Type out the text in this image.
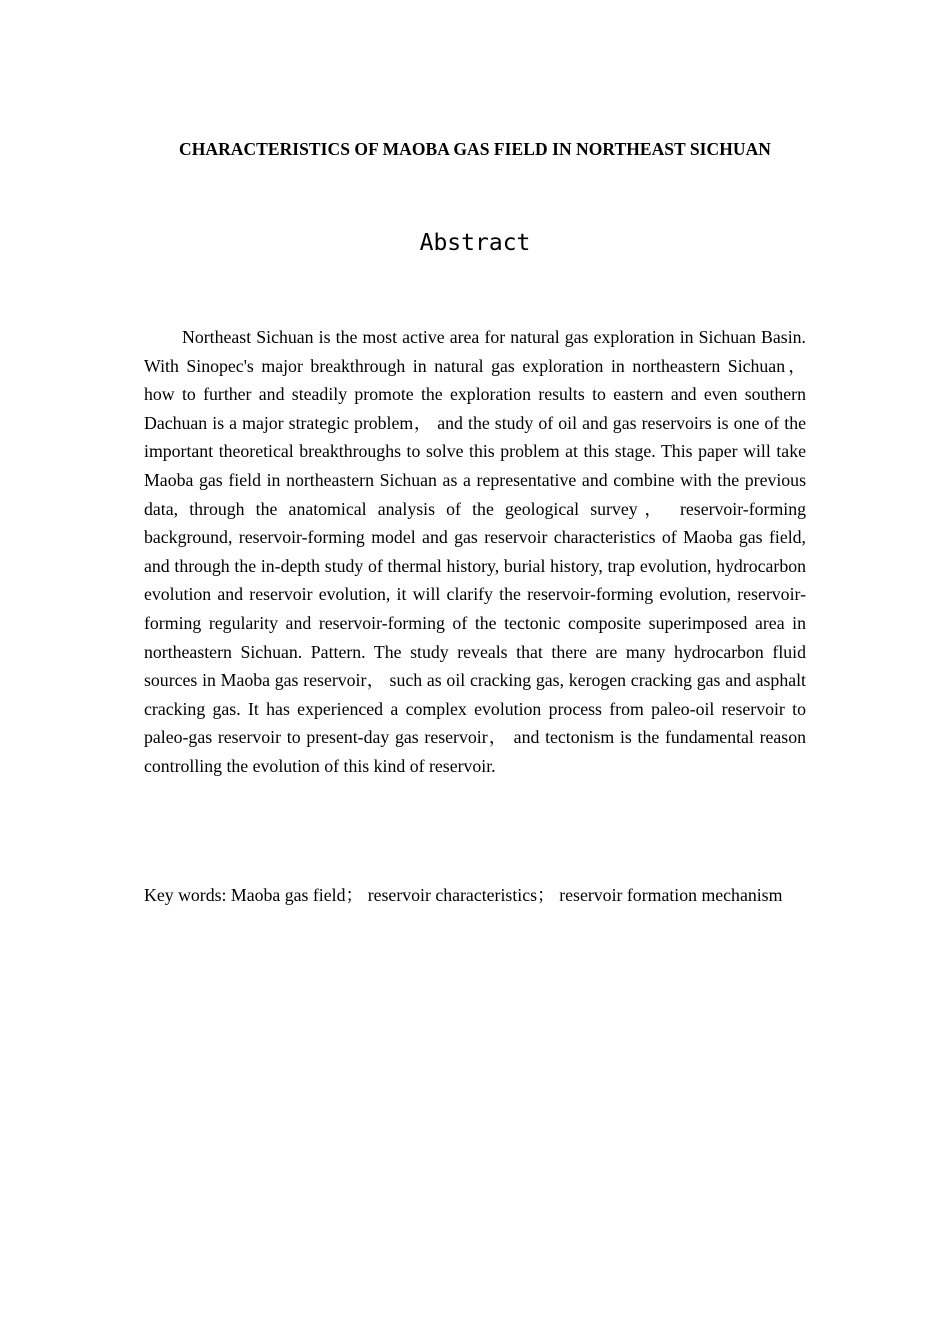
CHARACTERISTICS OF MAOBA GAS FIELD IN NORTHEAST SICHUAN
Abstract

Northeast Sichuan is the most active area for natural gas exploration in Sichuan Basin. With Sinopec's major breakthrough in natural gas exploration in northeastern Sichuan， how to further and steadily promote the exploration results to eastern and even southern Dachuan is a major strategic problem， and the study of oil and gas reservoirs is one of the important theoretical breakthroughs to solve this problem at this stage. This paper will take Maoba gas field in northeastern Sichuan as a representative and combine with the previous data, through the anatomical analysis of the geological survey， reservoir-forming background, reservoir-forming model and gas reservoir characteristics of Maoba gas field, and through the in-depth study of thermal history, burial history, trap evolution, hydrocarbon evolution and reservoir evolution, it will clarify the reservoir-forming evolution, reservoir-forming regularity and reservoir-forming of the tectonic composite superimposed area in northeastern Sichuan. Pattern. The study reveals that there are many hydrocarbon fluid sources in Maoba gas reservoir， such as oil cracking gas, kerogen cracking gas and asphalt cracking gas. It has experienced a complex evolution process from paleo-oil reservoir to paleo-gas reservoir to present-day gas reservoir， and tectonism is the fundamental reason controlling the evolution of this kind of reservoir.

Key words: Maoba gas field； reservoir characteristics； reservoir formation mechanism
